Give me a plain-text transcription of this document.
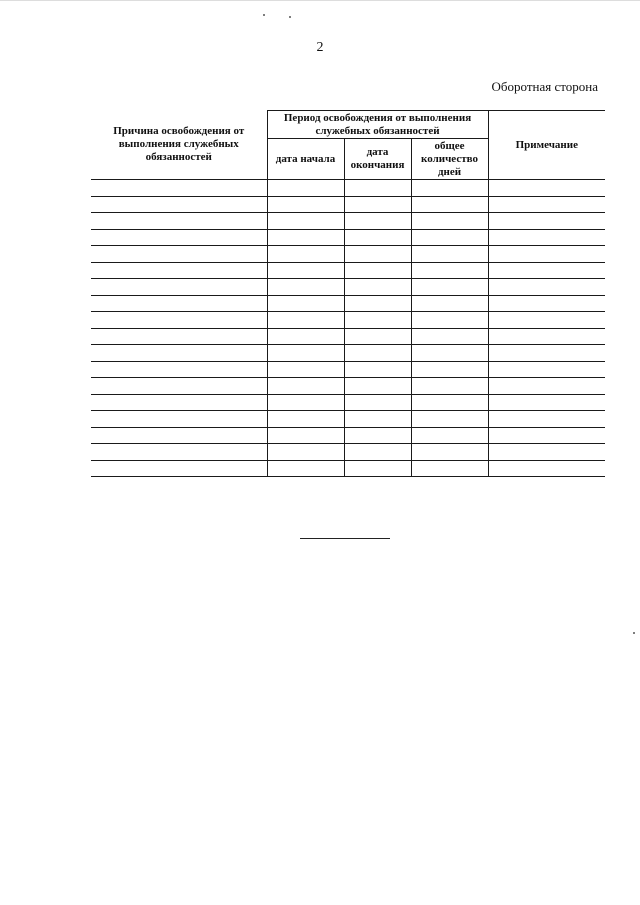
2
Оборотная сторона
Причина освобождения от выполнения служебных обязанностей	Период освобождения от выполнения служебных обязанностей			Примечание
	дата начала	дата окончания	общее количество дней	
